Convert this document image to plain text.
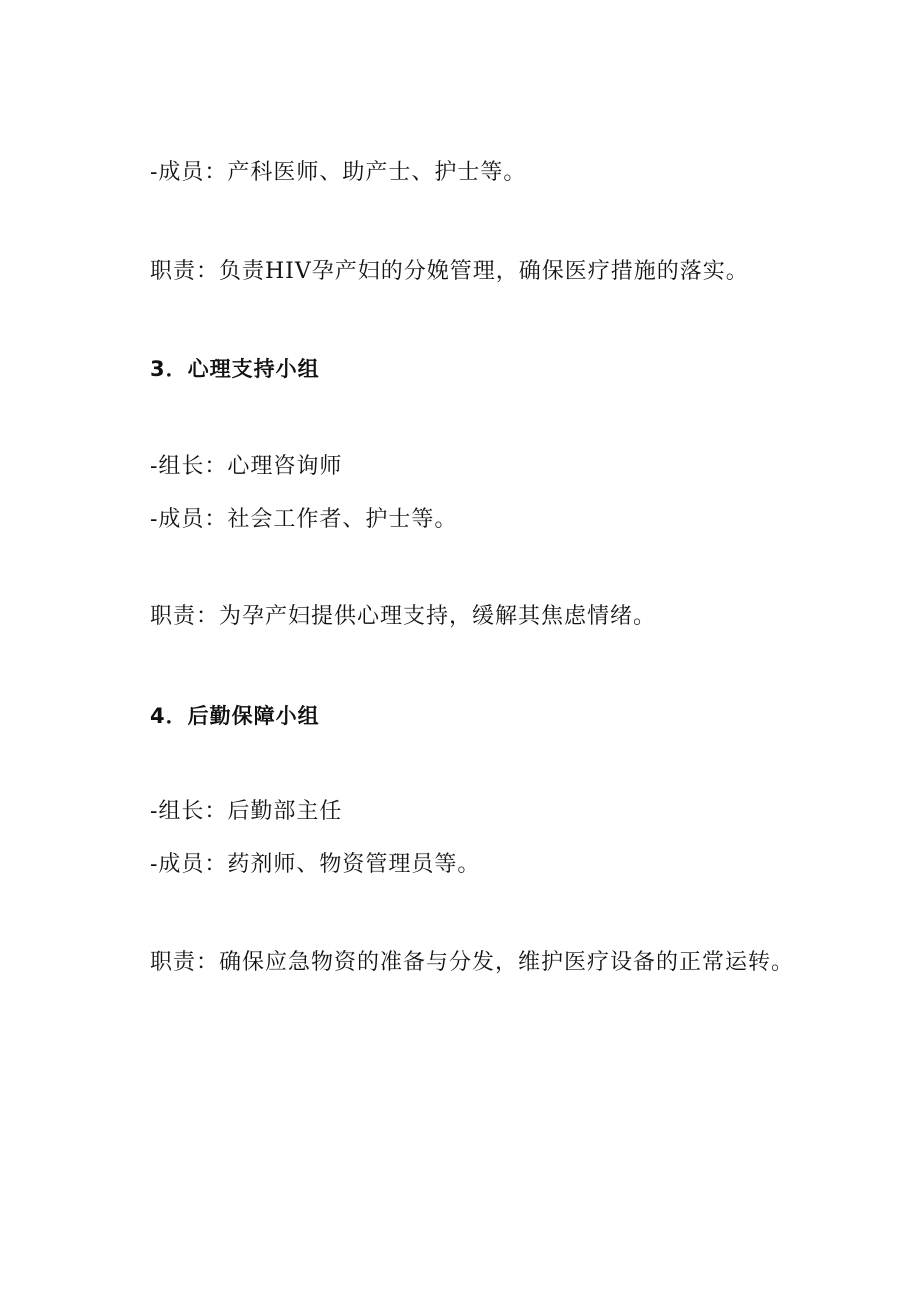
-成员：产科医师、助产士、护士等。
职责：负责HIV孕产妇的分娩管理，确保医疗措施的落实。
3．心理支持小组
-组长：心理咨询师
-成员：社会工作者、护士等。
职责：为孕产妇提供心理支持，缓解其焦虑情绪。
4．后勤保障小组
-组长：后勤部主任
-成员：药剂师、物资管理员等。
职责：确保应急物资的准备与分发，维护医疗设备的正常运转。
